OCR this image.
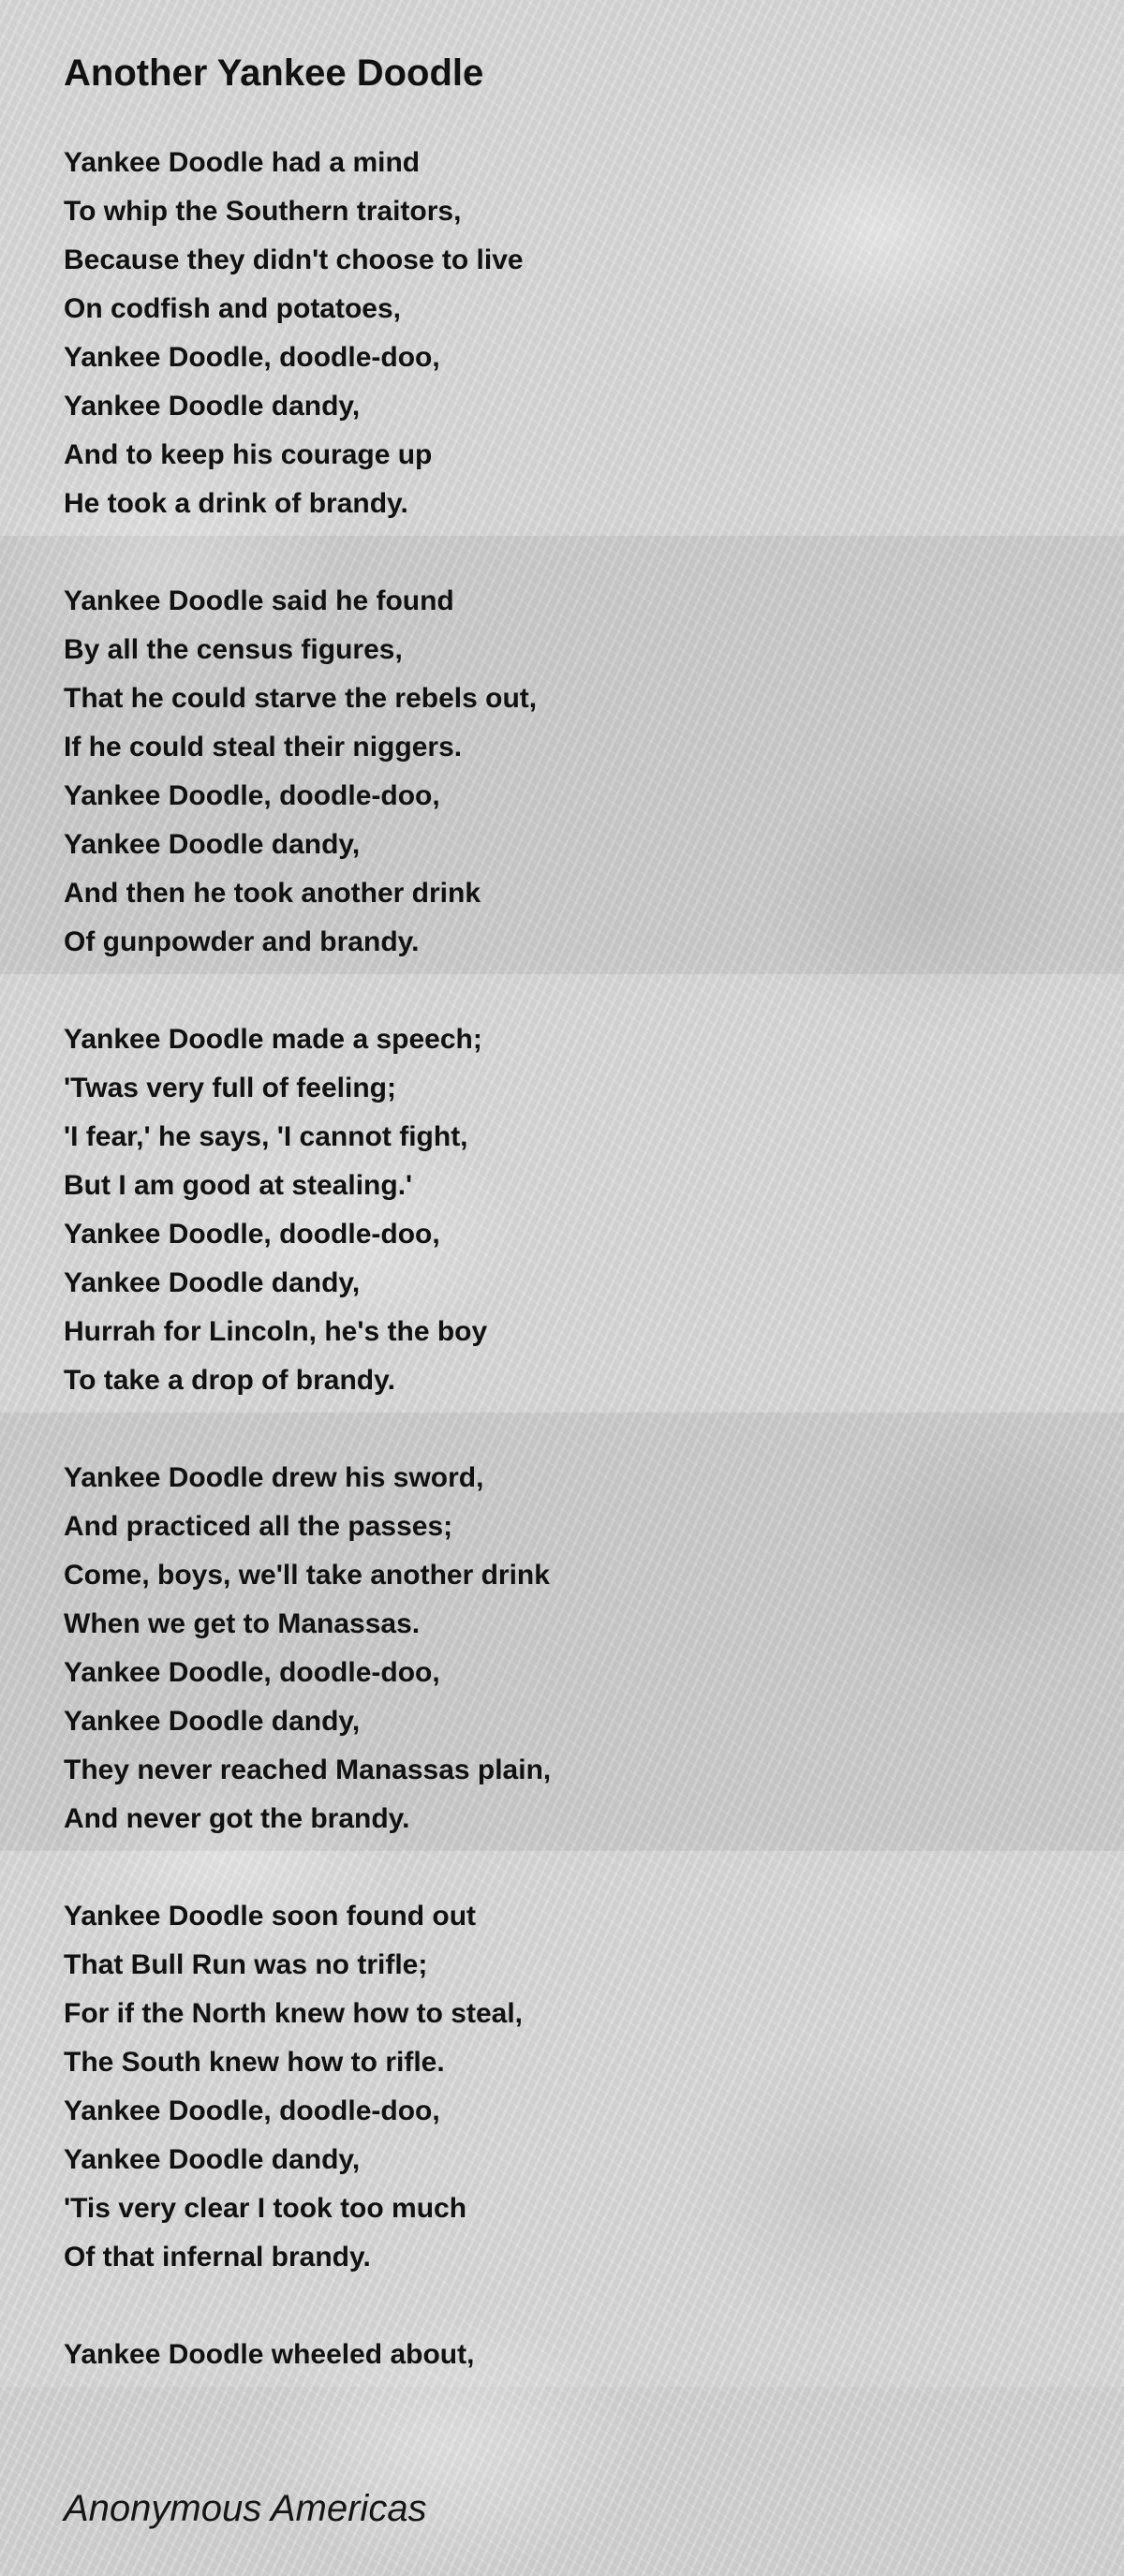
Another Yankee Doodle
Yankee Doodle had a mind
To whip the Southern traitors,
Because they didn't choose to live
On codfish and potatoes,
Yankee Doodle, doodle-doo,
Yankee Doodle dandy,
And to keep his courage up
He took a drink of brandy.
Yankee Doodle said he found
By all the census figures,
That he could starve the rebels out,
If he could steal their niggers.
Yankee Doodle, doodle-doo,
Yankee Doodle dandy,
And then he took another drink
Of gunpowder and brandy.
Yankee Doodle made a speech;
'Twas very full of feeling;
'I fear,' he says, 'I cannot fight,
But I am good at stealing.'
Yankee Doodle, doodle-doo,
Yankee Doodle dandy,
Hurrah for Lincoln, he's the boy
To take a drop of brandy.
Yankee Doodle drew his sword,
And practiced all the passes;
Come, boys, we'll take another drink
When we get to Manassas.
Yankee Doodle, doodle-doo,
Yankee Doodle dandy,
They never reached Manassas plain,
And never got the brandy.
Yankee Doodle soon found out
That Bull Run was no trifle;
For if the North knew how to steal,
The South knew how to rifle.
Yankee Doodle, doodle-doo,
Yankee Doodle dandy,
'Tis very clear I took too much
Of that infernal brandy.
Yankee Doodle wheeled about,
Anonymous Americas
